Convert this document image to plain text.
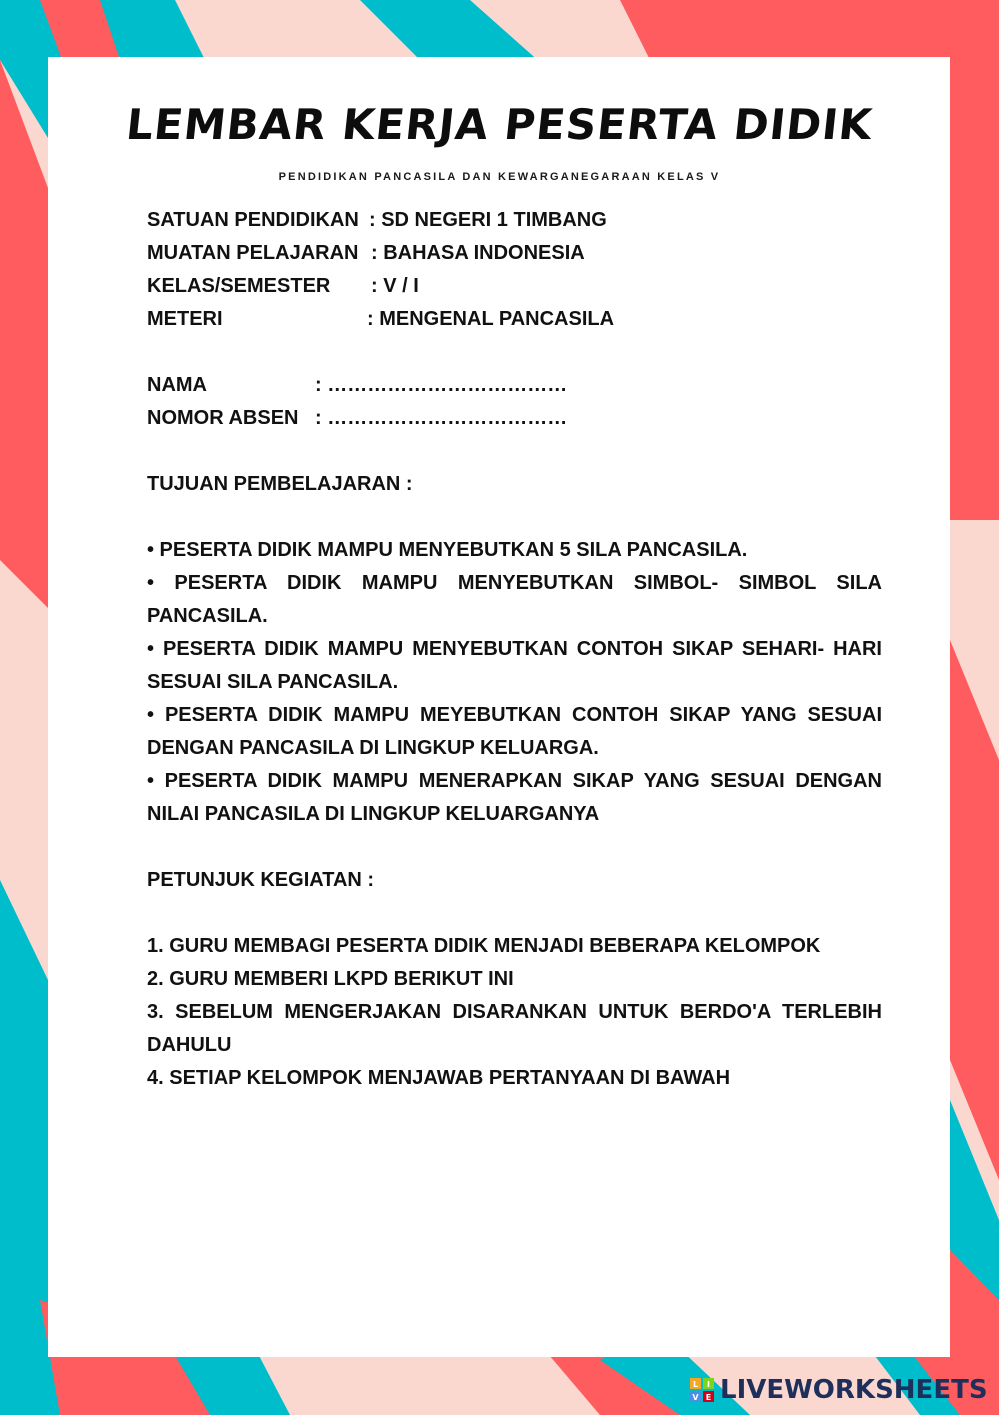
LEMBAR KERJA PESERTA DIDIK
PENDIDIKAN PANCASILA DAN KEWARGANEGARAAN KELAS V
SATUAN PENDIDIKAN : SD NEGERI 1 TIMBANG
MUATAN PELAJARAN : BAHASA INDONESIA
KELAS/SEMESTER	: V / I
METERI	: MENGENAL PANCASILA
NAMA	: ………………………………
NOMOR ABSEN : ………………………………
TUJUAN PEMBELAJARAN :
• PESERTA DIDIK MAMPU MENYEBUTKAN 5 SILA PANCASILA.
• PESERTA DIDIK MAMPU MENYEBUTKAN SIMBOL- SIMBOL SILA PANCASILA.
• PESERTA DIDIK MAMPU MENYEBUTKAN CONTOH SIKAP SEHARI- HARI SESUAI SILA PANCASILA.
• PESERTA DIDIK MAMPU MEYEBUTKAN CONTOH SIKAP YANG SESUAI DENGAN PANCASILA DI LINGKUP KELUARGA.
• PESERTA DIDIK MAMPU MENERAPKAN SIKAP YANG SESUAI DENGAN NILAI PANCASILA DI LINGKUP KELUARGANYA
PETUNJUK KEGIATAN :
1. GURU MEMBAGI PESERTA DIDIK MENJADI BEBERAPA KELOMPOK
2. GURU MEMBERI LKPD BERIKUT INI
3. SEBELUM MENGERJAKAN DISARANKAN UNTUK BERDO'A TERLEBIH DAHULU
4. SETIAP KELOMPOK MENJAWAB PERTANYAAN DI BAWAH
L I
V E LIVEWORKSHEETS
